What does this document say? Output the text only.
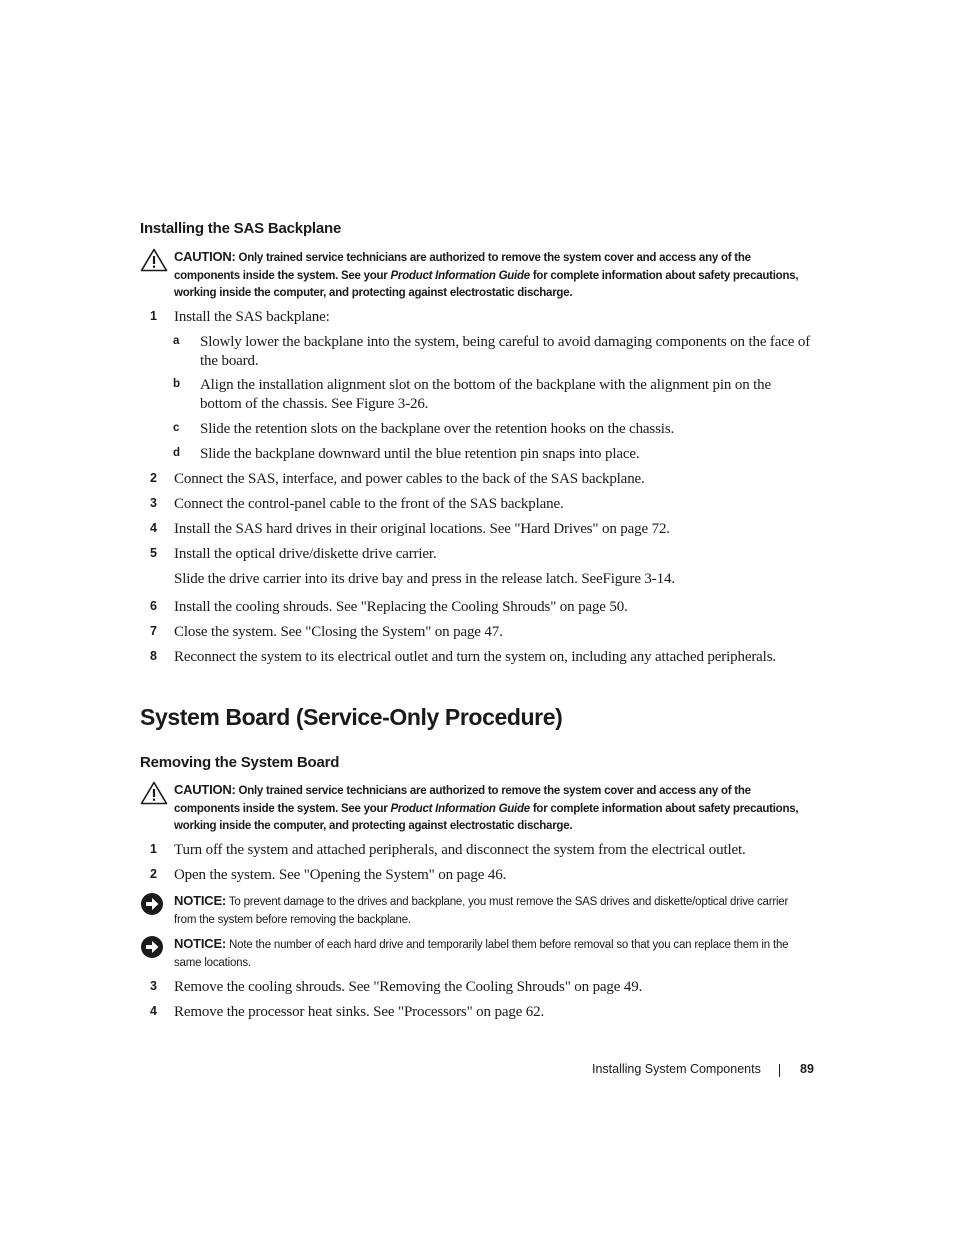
Installing the SAS Backplane
CAUTION: Only trained service technicians are authorized to remove the system cover and access any of the components inside the system. See your Product Information Guide for complete information about safety precautions, working inside the computer, and protecting against electrostatic discharge.
1 Install the SAS backplane:
a Slowly lower the backplane into the system, being careful to avoid damaging components on the face of the board.
b Align the installation alignment slot on the bottom of the backplane with the alignment pin on the bottom of the chassis. See Figure 3-26.
c Slide the retention slots on the backplane over the retention hooks on the chassis.
d Slide the backplane downward until the blue retention pin snaps into place.
2 Connect the SAS, interface, and power cables to the back of the SAS backplane.
3 Connect the control-panel cable to the front of the SAS backplane.
4 Install the SAS hard drives in their original locations. See "Hard Drives" on page 72.
5 Install the optical drive/diskette drive carrier.
Slide the drive carrier into its drive bay and press in the release latch. SeeFigure 3-14.
6 Install the cooling shrouds. See "Replacing the Cooling Shrouds" on page 50.
7 Close the system. See "Closing the System" on page 47.
8 Reconnect the system to its electrical outlet and turn the system on, including any attached peripherals.
System Board (Service-Only Procedure)
Removing the System Board
CAUTION: Only trained service technicians are authorized to remove the system cover and access any of the components inside the system. See your Product Information Guide for complete information about safety precautions, working inside the computer, and protecting against electrostatic discharge.
1 Turn off the system and attached peripherals, and disconnect the system from the electrical outlet.
2 Open the system. See "Opening the System" on page 46.
NOTICE: To prevent damage to the drives and backplane, you must remove the SAS drives and diskette/optical drive carrier from the system before removing the backplane.
NOTICE: Note the number of each hard drive and temporarily label them before removal so that you can replace them in the same locations.
3 Remove the cooling shrouds. See "Removing the Cooling Shrouds" on page 49.
4 Remove the processor heat sinks. See "Processors" on page 62.
Installing System Components	89
